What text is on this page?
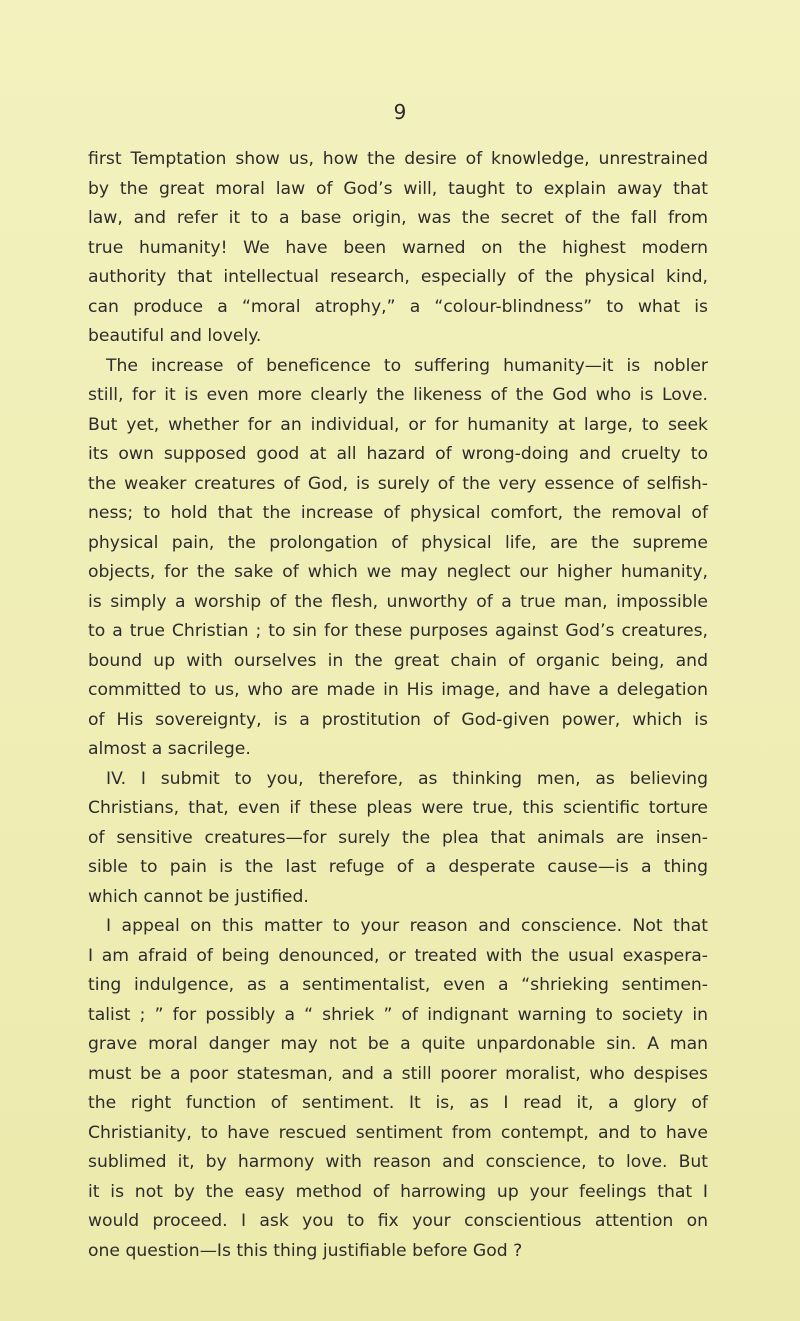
9
first Temptation show us, how the desire of knowledge, unrestrained
by the great moral law of God’s will, taught to explain away that
law, and refer it to a base origin, was the secret of the fall from
true humanity! We have been warned on the highest modern
authority that intellectual research, especially of the physical kind,
can produce a “moral atrophy,” a “colour-blindness” to what is
beautiful and lovely.
The increase of beneficence to suffering humanity—it is nobler
still, for it is even more clearly the likeness of the God who is Love.
But yet, whether for an individual, or for humanity at large, to seek
its own supposed good at all hazard of wrong-doing and cruelty to
the weaker creatures of God, is surely of the very essence of selfish-
ness; to hold that the increase of physical comfort, the removal of
physical pain, the prolongation of physical life, are the supreme
objects, for the sake of which we may neglect our higher humanity,
is simply a worship of the flesh, unworthy of a true man, impossible
to a true Christian ; to sin for these purposes against God’s creatures,
bound up with ourselves in the great chain of organic being, and
committed to us, who are made in His image, and have a delegation
of His sovereignty, is a prostitution of God-given power, which is
almost a sacrilege.
IV. I submit to you, therefore, as thinking men, as believing
Christians, that, even if these pleas were true, this scientific torture
of sensitive creatures—for surely the plea that animals are insen-
sible to pain is the last refuge of a desperate cause—is a thing
which cannot be justified.
I appeal on this matter to your reason and conscience. Not that
I am afraid of being denounced, or treated with the usual exaspera-
ting indulgence, as a sentimentalist, even a “shrieking sentimen-
talist ; ” for possibly a “ shriek ” of indignant warning to society in
grave moral danger may not be a quite unpardonable sin. A man
must be a poor statesman, and a still poorer moralist, who despises
the right function of sentiment. It is, as I read it, a glory of
Christianity, to have rescued sentiment from contempt, and to have
sublimed it, by harmony with reason and conscience, to love. But
it is not by the easy method of harrowing up your feelings that I
would proceed. I ask you to fix your conscientious attention on
one question—Is this thing justifiable before God ?
